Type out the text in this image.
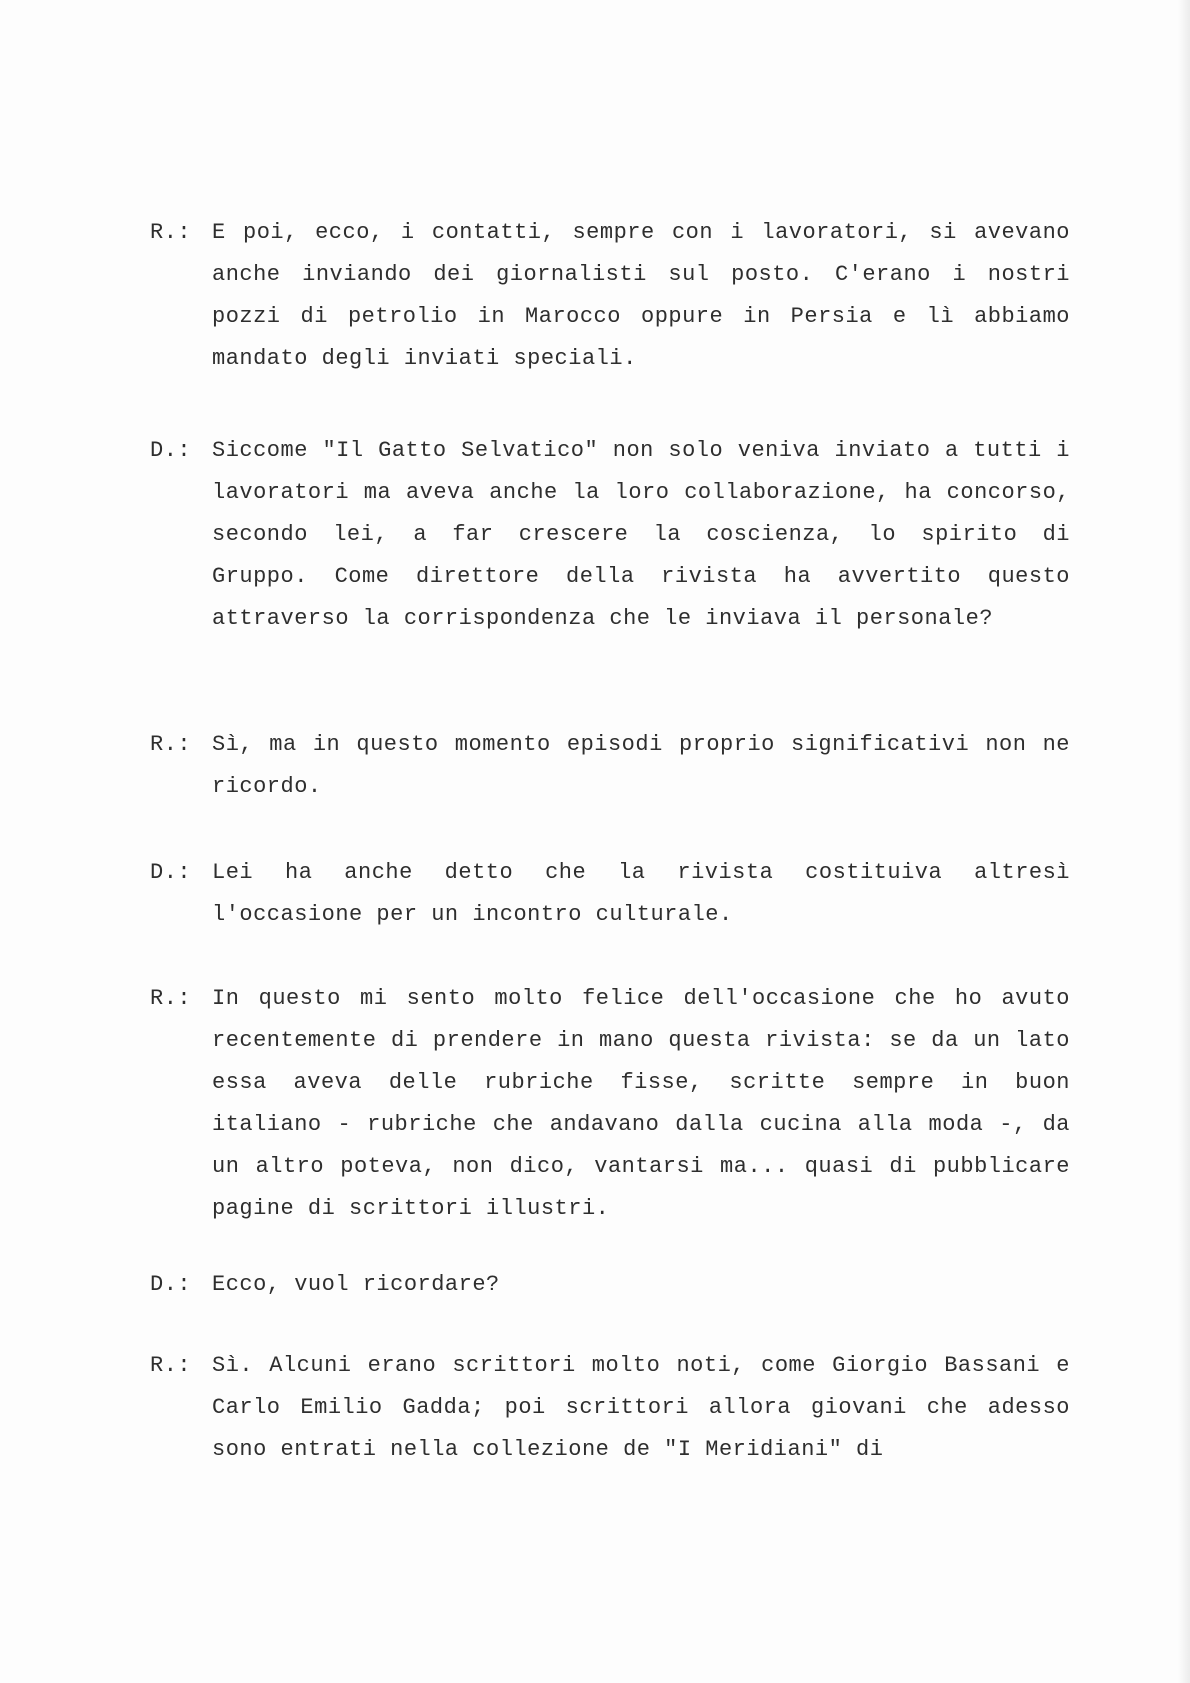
R.: E poi, ecco, i contatti, sempre con i lavoratori, si avevano anche inviando dei giornalisti sul posto. C'erano i nostri pozzi di petrolio in Marocco oppure in Persia e lì abbiamo mandato degli inviati speciali.
D.: Siccome "Il Gatto Selvatico" non solo veniva inviato a tutti i lavoratori ma aveva anche la loro collaborazione, ha concorso, secondo lei, a far crescere la coscienza, lo spirito di Gruppo. Come direttore della rivista ha avvertito questo attraverso la corrispondenza che le inviava il personale?
R.: Sì, ma in questo momento episodi proprio significativi non ne ricordo.
D.: Lei ha anche detto che la rivista costituiva altresì l'occasione per un incontro culturale.
R.: In questo mi sento molto felice dell'occasione che ho avuto recentemente di prendere in mano questa rivista: se da un lato essa aveva delle rubriche fisse, scritte sempre in buon italiano - rubriche che andavano dalla cucina alla moda -, da un altro poteva, non dico, vantarsi ma... quasi di pubblicare pagine di scrittori illustri.
D.: Ecco, vuol ricordare?
R.: Sì. Alcuni erano scrittori molto noti, come Giorgio Bassani e Carlo Emilio Gadda; poi scrittori allora giovani che adesso sono entrati nella collezione de "I Meridiani" di
